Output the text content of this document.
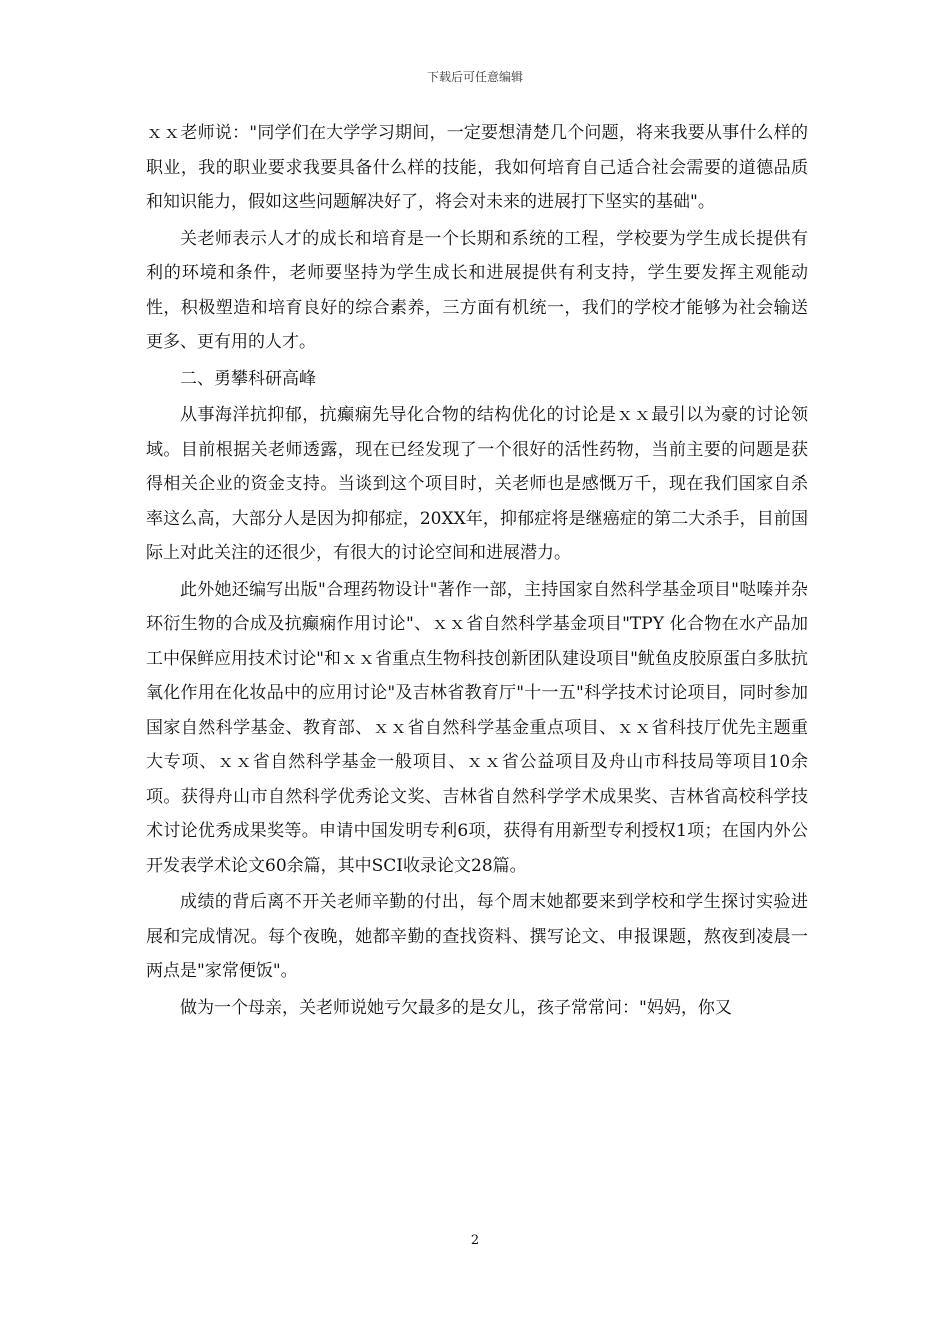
下载后可任意编辑

ｘｘ老师说："同学们在大学学习期间，一定要想清楚几个问题，将来我要从事什么样的职业，我的职业要求我要具备什么样的技能，我如何培育自己适合社会需要的道德品质和知识能力，假如这些问题解决好了，将会对未来的进展打下坚实的基础"。

关老师表示人才的成长和培育是一个长期和系统的工程，学校要为学生成长提供有利的环境和条件，老师要坚持为学生成长和进展提供有利支持，学生要发挥主观能动性，积极塑造和培育良好的综合素养，三方面有机统一，我们的学校才能够为社会输送更多、更有用的人才。

二、勇攀科研高峰

从事海洋抗抑郁，抗癫痫先导化合物的结构优化的讨论是ｘｘ最引以为豪的讨论领域。目前根据关老师透露，现在已经发现了一个很好的活性药物，当前主要的问题是获得相关企业的资金支持。当谈到这个项目时，关老师也是感慨万千，现在我们国家自杀率这么高，大部分人是因为抑郁症，20XX年，抑郁症将是继癌症的第二大杀手，目前国际上对此关注的还很少，有很大的讨论空间和进展潜力。

此外她还编写出版"合理药物设计"著作一部，主持国家自然科学基金项目"哒嗪并杂环衍生物的合成及抗癫痫作用讨论"、ｘｘ省自然科学基金项目"TPY 化合物在水产品加工中保鲜应用技术讨论"和ｘｘ省重点生物科技创新团队建设项目"鱿鱼皮胶原蛋白多肽抗氧化作用在化妆品中的应用讨论"及吉林省教育厅"十一五"科学技术讨论项目，同时参加国家自然科学基金、教育部、ｘｘ省自然科学基金重点项目、ｘｘ省科技厅优先主题重大专项、ｘｘ省自然科学基金一般项目、ｘｘ省公益项目及舟山市科技局等项目10余项。获得舟山市自然科学优秀论文奖、吉林省自然科学学术成果奖、吉林省高校科学技术讨论优秀成果奖等。申请中国发明专利6项，获得有用新型专利授权1项；在国内外公开发表学术论文60余篇，其中SCI收录论文28篇。

成绩的背后离不开关老师辛勤的付出，每个周末她都要来到学校和学生探讨实验进展和完成情况。每个夜晚，她都辛勤的查找资料、撰写论文、申报课题，熬夜到凌晨一两点是"家常便饭"。

做为一个母亲，关老师说她亏欠最多的是女儿，孩子常常问："妈妈，你又

2
